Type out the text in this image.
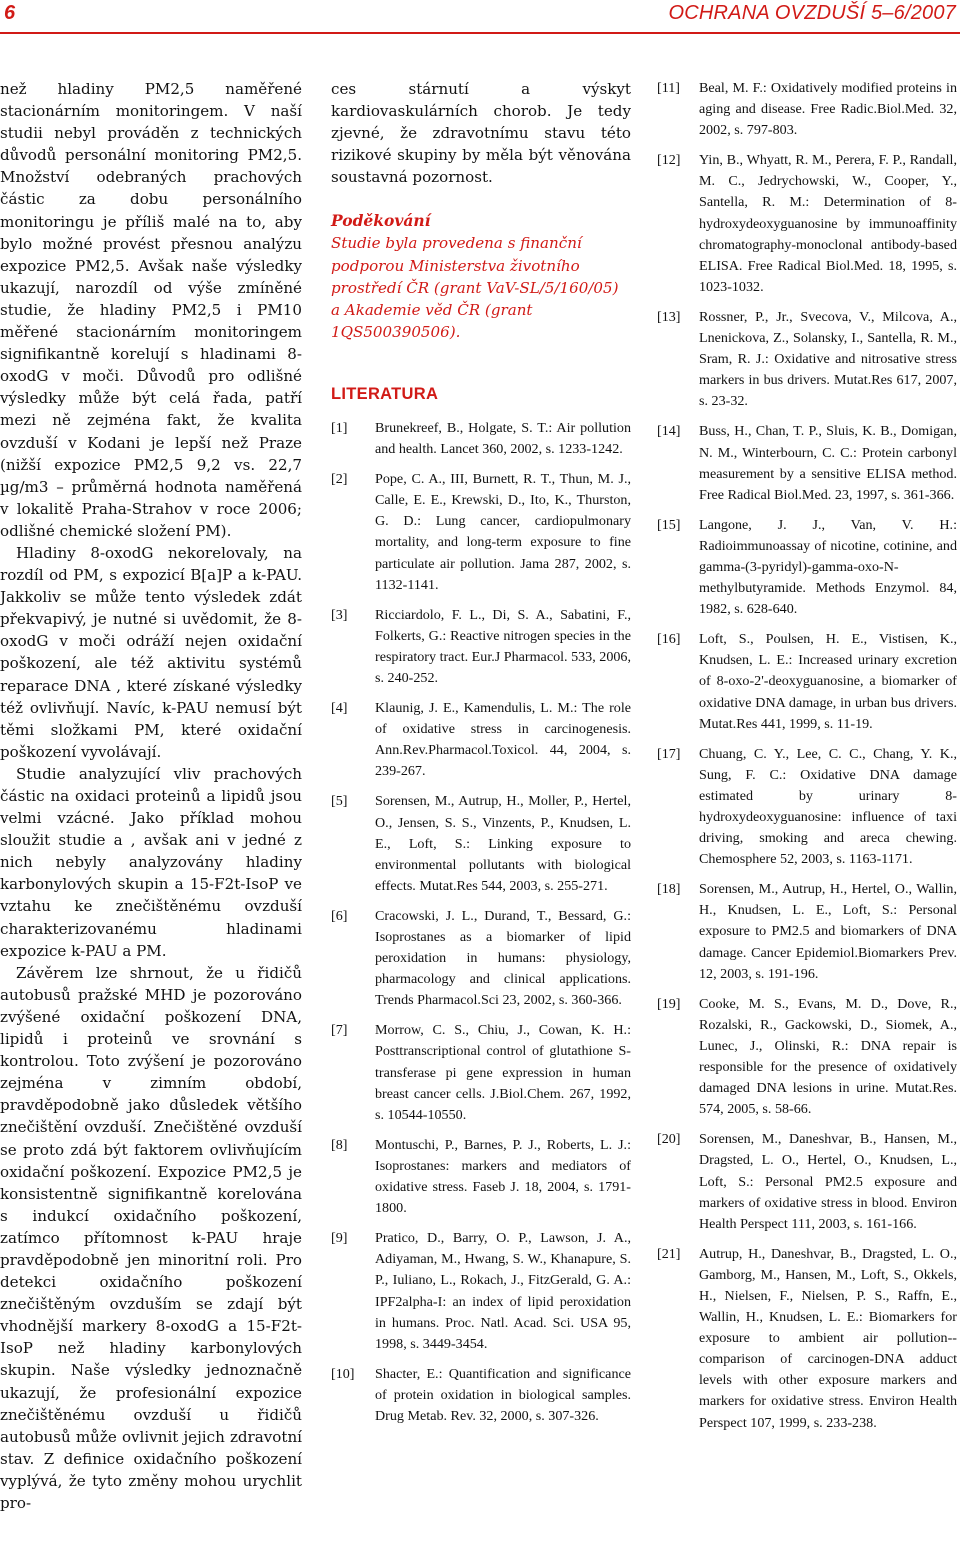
6	OCHRANA OVZDUŠÍ 5–6/2007

než hladiny PM2,5 naměřené stacionárním monitoringem. V naší studii nebyl prováděn z technických důvodů personální monitoring PM2,5. Množství odebraných prachových částic za dobu personálního monitoringu je příliš malé na to, aby bylo možné provést přesnou analýzu expozice PM2,5. Avšak naše výsledky ukazují, narozdíl od výše zmíněné studie, že hladiny PM2,5 i PM10 měřené stacionárním monitoringem signifikantně korelují s hladinami 8-oxodG v moči. Důvodů pro odlišné výsledky může být celá řada, patří mezi ně zejména fakt, že kvalita ovzduší v Kodani je lepší než Praze (nižší expozice PM2,5 9,2 vs. 22,7 µg/m3 – průměrná hodnota naměřená v lokalitě Praha-Strahov v roce 2006; odlišné chemické složení PM).

Hladiny 8-oxodG nekorelovaly, na rozdíl od PM, s expozicí B[a]P a k-PAU. Jakkoliv se může tento výsledek zdát překvapivý, je nutné si uvědomit, že 8-oxodG v moči odráží nejen oxidační poškození, ale též aktivitu systémů reparace DNA , které získané výsledky též ovlivňují. Navíc, k-PAU nemusí být těmi složkami PM, které oxidační poškození vyvolávají.

Studie analyzující vliv prachových částic na oxidaci proteinů a lipidů jsou velmi vzácné. Jako příklad mohou sloužit studie a , avšak ani v jedné z nich nebyly analyzovány hladiny karbonylových skupin a 15-F2t-IsoP ve vztahu ke znečištěnému ovzduší charakterizovanému hladinami expozice k-PAU a PM.

Závěrem lze shrnout, že u řidičů autobusů pražské MHD je pozorováno zvýšené oxidační poškození DNA, lipidů i proteinů ve srovnání s kontrolou. Toto zvýšení je pozorováno zejména v zimním období, pravděpodobně jako důsledek většího znečištění ovzduší. Znečištěné ovzduší se proto zdá být faktorem ovlivňujícím oxidační poškození. Expozice PM2,5 je konsistentně signifikantně korelována s indukcí oxidačního poškození, zatímco přítomnost k-PAU hraje pravděpodobně jen minoritní roli. Pro detekci oxidačního poškození znečištěným ovzduším se zdají být vhodnější markery 8-oxodG a 15-F2t-IsoP než hladiny karbonylových skupin. Naše výsledky jednoznačně ukazují, že profesionální expozice znečištěnému ovzduší u řidičů autobusů může ovlivnit jejich zdravotní stav. Z definice oxidačního poškození vyplývá, že tyto změny mohou urychlit pro-

ces stárnutí a výskyt kardiovaskulárních chorob. Je tedy zjevné, že zdravotnímu stavu této rizikové skupiny by měla být věnována soustavná pozornost.

Poděkování

Studie byla provedena s finanční podporou Ministerstva životního prostředí ČR (grant VaV-SL/5/160/05) a Akademie věd ČR (grant 1QS500390506).

LITERATURA
[1]	Brunekreef, B., Holgate, S. T.: Air pollution and health. Lancet 360, 2002, s. 1233-1242.
[2]	Pope, C. A., III, Burnett, R. T., Thun, M. J., Calle, E. E., Krewski, D., Ito, K., Thurston, G. D.: Lung cancer, cardiopulmonary mortality, and long-term exposure to fine particulate air pollution. Jama 287, 2002, s. 1132-1141.
[3]	Ricciardolo, F. L., Di, S. A., Sabatini, F., Folkerts, G.: Reactive nitrogen species in the respiratory tract. Eur.J Pharmacol. 533, 2006, s. 240-252.
[4]	Klaunig, J. E., Kamendulis, L. M.: The role of oxidative stress in carcinogenesis. Ann.Rev.Pharmacol.Toxicol. 44, 2004, s. 239-267.
[5]	Sorensen, M., Autrup, H., Moller, P., Hertel, O., Jensen, S. S., Vinzents, P., Knudsen, L. E., Loft, S.: Linking exposure to environmental pollutants with biological effects. Mutat.Res 544, 2003, s. 255-271.
[6]	Cracowski, J. L., Durand, T., Bessard, G.: Isoprostanes as a biomarker of lipid peroxidation in humans: physiology, pharmacology and clinical applications. Trends Pharmacol.Sci 23, 2002, s. 360-366.
[7]	Morrow, C. S., Chiu, J., Cowan, K. H.: Posttranscriptional control of glutathione S-transferase pi gene expression in human breast cancer cells. J.Biol.Chem. 267, 1992, s. 10544-10550.
[8]	Montuschi, P., Barnes, P. J., Roberts, L. J.: Isoprostanes: markers and mediators of oxidative stress. Faseb J. 18, 2004, s. 1791-1800.
[9]	Pratico, D., Barry, O. P., Lawson, J. A., Adiyaman, M., Hwang, S. W., Khanapure, S. P., Iuliano, L., Rokach, J., FitzGerald, G. A.: IPF2alpha-I: an index of lipid peroxidation in humans. Proc. Natl. Acad. Sci. USA 95, 1998, s. 3449-3454.
[10]	Shacter, E.: Quantification and significance of protein oxidation in biological samples. Drug Metab. Rev. 32, 2000, s. 307-326.
[11]	Beal, M. F.: Oxidatively modified proteins in aging and disease. Free Radic.Biol.Med. 32, 2002, s. 797-803.
[12]	Yin, B., Whyatt, R. M., Perera, F. P., Randall, M. C., Jedrychowski, W., Cooper, Y., Santella, R. M.: Determination of 8-hydroxydeoxyguanosine by immunoaffinity chromatography-monoclonal antibody-based ELISA. Free Radical Biol.Med. 18, 1995, s. 1023-1032.
[13]	Rossner, P., Jr., Svecova, V., Milcova, A., Lnenickova, Z., Solansky, I., Santella, R. M., Sram, R. J.: Oxidative and nitrosative stress markers in bus drivers. Mutat.Res 617, 2007, s. 23-32.
[14]	Buss, H., Chan, T. P., Sluis, K. B., Domigan, N. M., Winterbourn, C. C.: Protein carbonyl measurement by a sensitive ELISA method. Free Radical Biol.Med. 23, 1997, s. 361-366.
[15]	Langone, J. J., Van, V. H.: Radioimmunoassay of nicotine, cotinine, and gamma-(3-pyridyl)-gamma-oxo-N-methylbutyramide. Methods Enzymol. 84, 1982, s. 628-640.
[16]	Loft, S., Poulsen, H. E., Vistisen, K., Knudsen, L. E.: Increased urinary excretion of 8-oxo-2'-deoxyguanosine, a biomarker of oxidative DNA damage, in urban bus drivers. Mutat.Res 441, 1999, s. 11-19.
[17]	Chuang, C. Y., Lee, C. C., Chang, Y. K., Sung, F. C.: Oxidative DNA damage estimated by urinary 8-hydroxydeoxyguanosine: influence of taxi driving, smoking and areca chewing. Chemosphere 52, 2003, s. 1163-1171.
[18]	Sorensen, M., Autrup, H., Hertel, O., Wallin, H., Knudsen, L. E., Loft, S.: Personal exposure to PM2.5 and biomarkers of DNA damage. Cancer Epidemiol.Biomarkers Prev. 12, 2003, s. 191-196.
[19]	Cooke, M. S., Evans, M. D., Dove, R., Rozalski, R., Gackowski, D., Siomek, A., Lunec, J., Olinski, R.: DNA repair is responsible for the presence of oxidatively damaged DNA lesions in urine. Mutat.Res. 574, 2005, s. 58-66.
[20]	Sorensen, M., Daneshvar, B., Hansen, M., Dragsted, L. O., Hertel, O., Knudsen, L., Loft, S.: Personal PM2.5 exposure and markers of oxidative stress in blood. Environ Health Perspect 111, 2003, s. 161-166.
[21]	Autrup, H., Daneshvar, B., Dragsted, L. O., Gamborg, M., Hansen, M., Loft, S., Okkels, H., Nielsen, F., Nielsen, P. S., Raffn, E., Wallin, H., Knudsen, L. E.: Biomarkers for exposure to ambient air pollution--comparison of carcinogen-DNA adduct levels with other exposure markers and markers for oxidative stress. Environ Health Perspect 107, 1999, s. 233-238.
